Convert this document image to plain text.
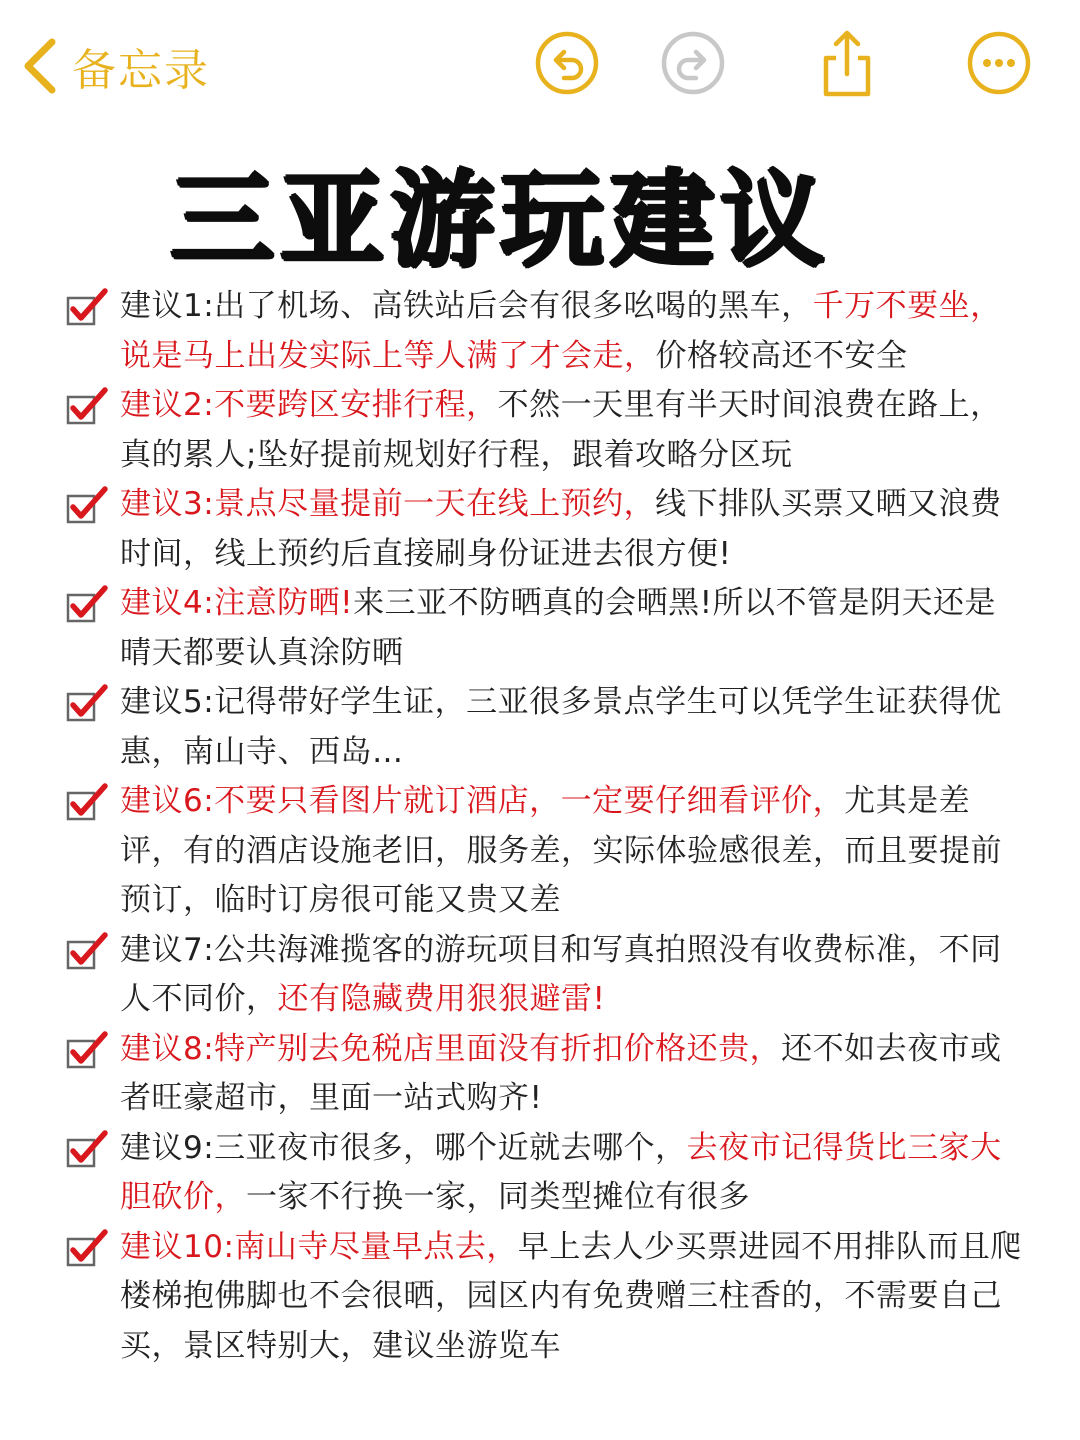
备忘录
三亚游玩建议
建议1:出了机场、高铁站后会有很多吆喝的黑车，千万不要坐，说是马上出发实际上等人满了才会走，价格较高还不安全
建议2:不要跨区安排行程，不然一天里有半天时间浪费在路上，真的累人;坠好提前规划好行程，跟着攻略分区玩
建议3:景点尽量提前一天在线上预约，线下排队买票又晒又浪费时间，线上预约后直接刷身份证进去很方便!
建议4:注意防晒!来三亚不防晒真的会晒黑!所以不管是阴天还是晴天都要认真涂防晒
建议5:记得带好学生证，三亚很多景点学生可以凭学生证获得优惠，南山寺、西岛…
建议6:不要只看图片就订酒店，一定要仔细看评价，尤其是差评，有的酒店设施老旧，服务差，实际体验感很差，而且要提前预订，临时订房很可能又贵又差
建议7:公共海滩揽客的游玩项目和写真拍照没有收费标准，不同人不同价，还有隐藏费用狠狠避雷!
建议8:特产别去免税店里面没有折扣价格还贵，还不如去夜市或者旺豪超市，里面一站式购齐!
建议9:三亚夜市很多，哪个近就去哪个，去夜市记得货比三家大胆砍价，一家不行换一家，同类型摊位有很多
建议10:南山寺尽量早点去，早上去人少买票进园不用排队而且爬楼梯抱佛脚也不会很晒，园区内有免费赠三柱香的，不需要自己买，景区特别大，建议坐游览车
